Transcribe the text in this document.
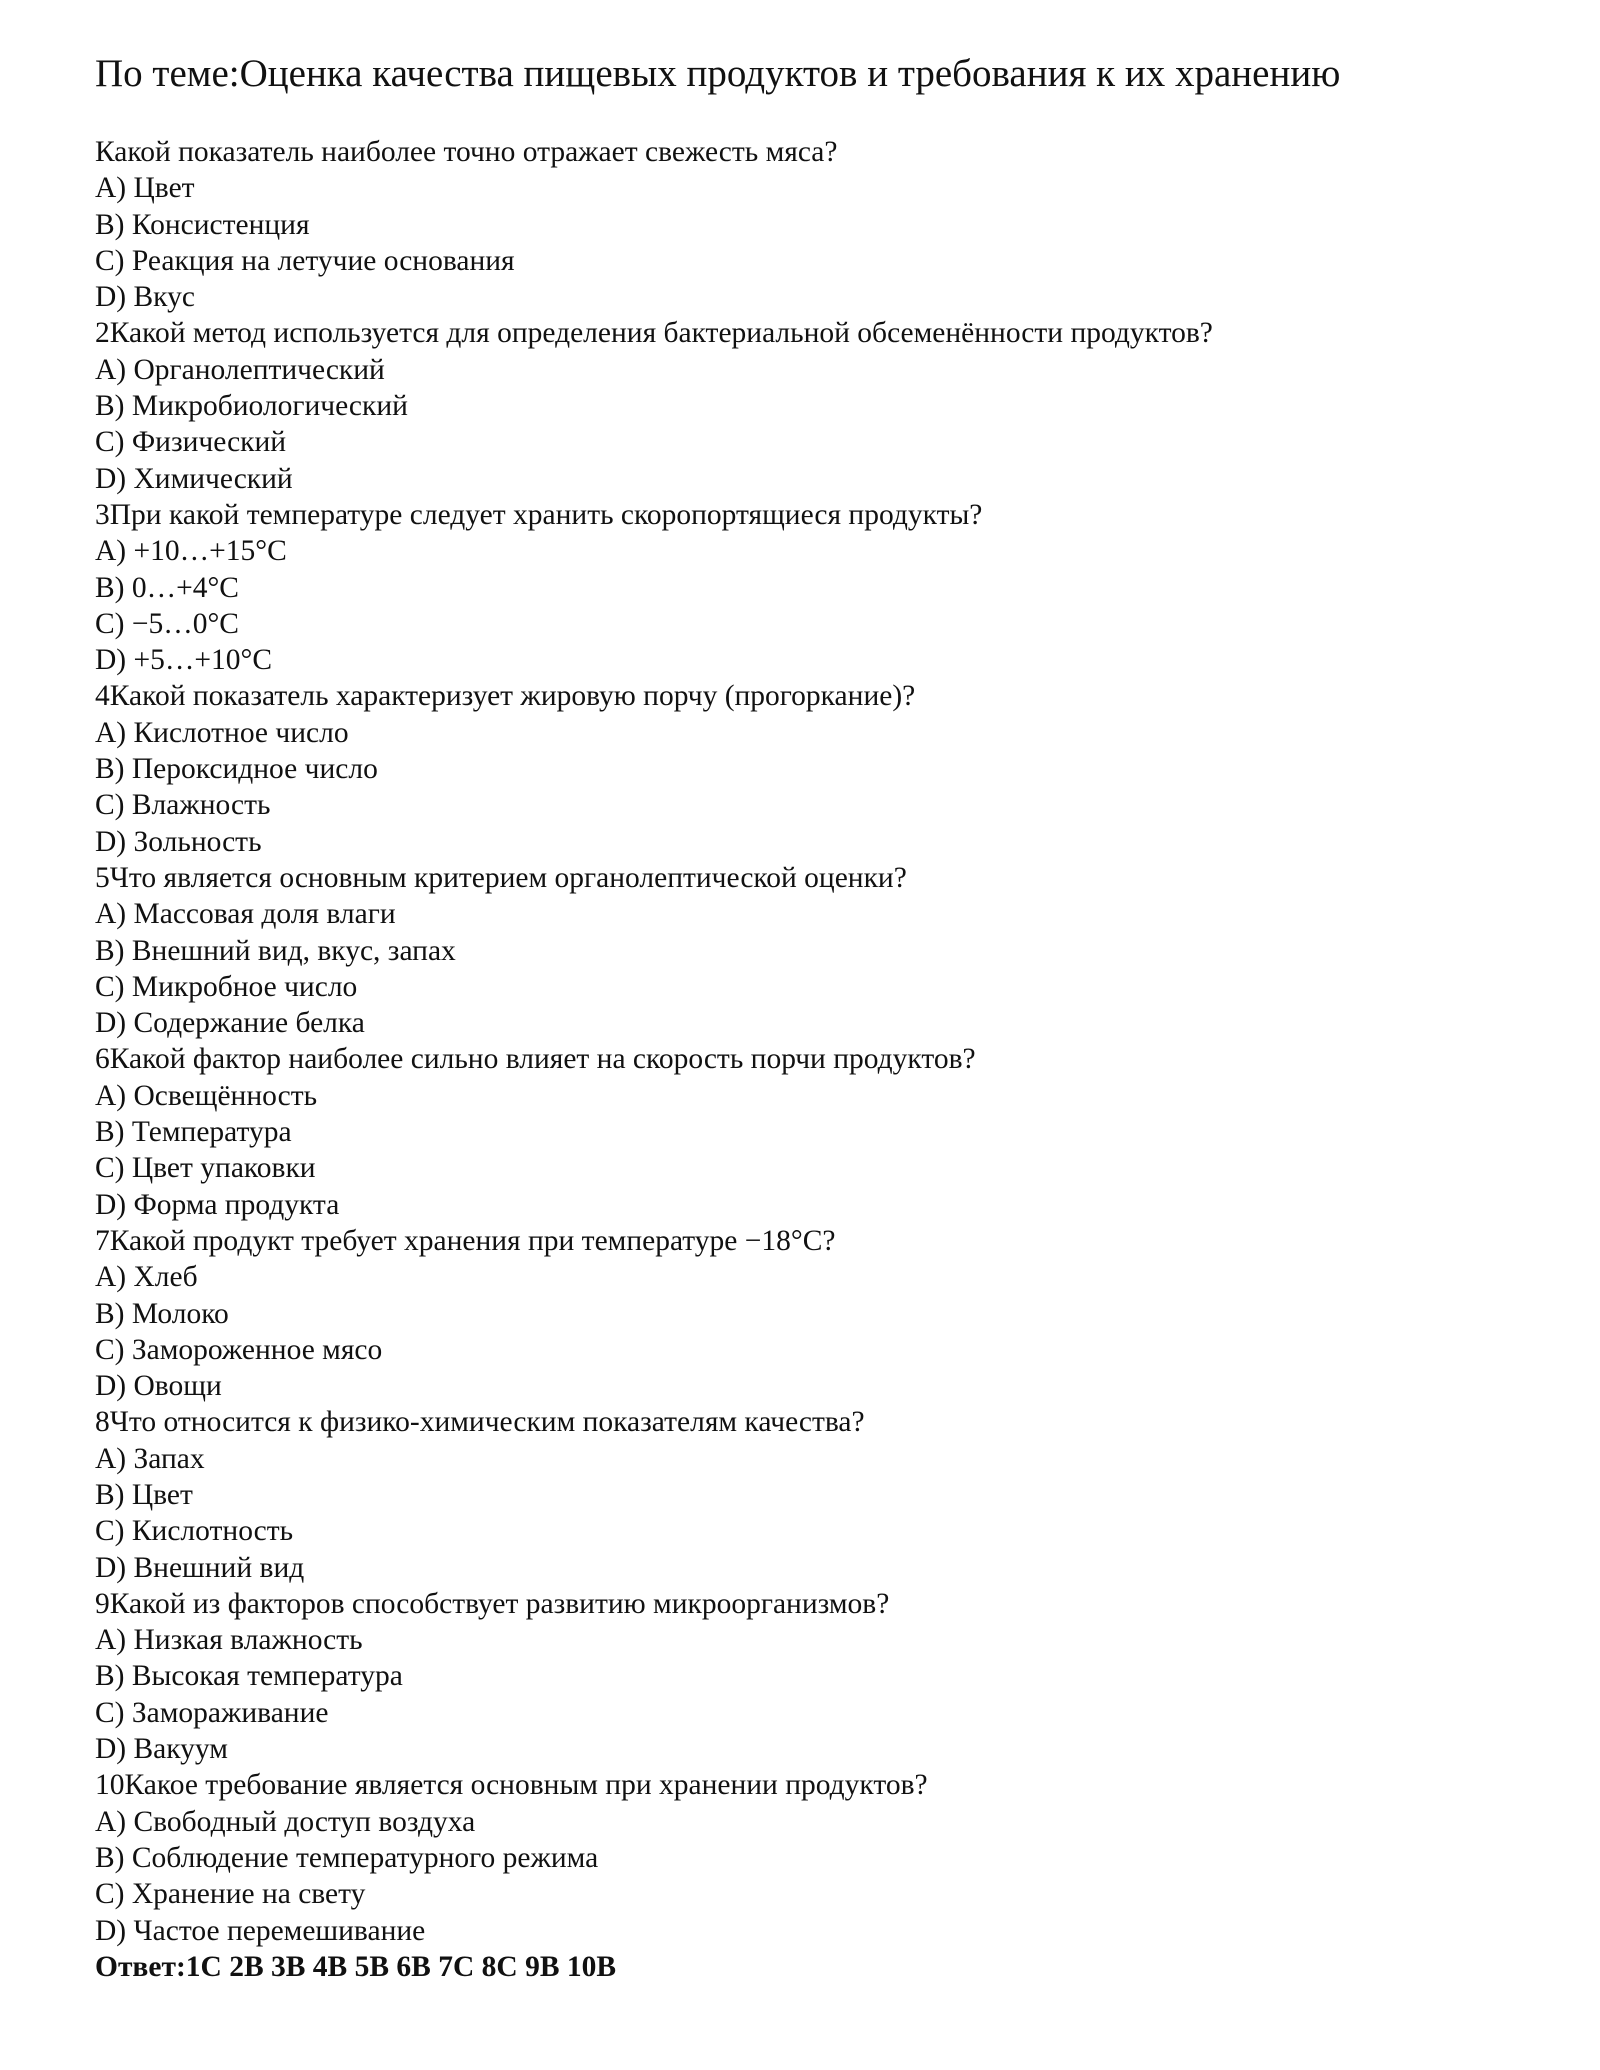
По теме:Оценка качества пищевых продуктов и требования к их хранению
Какой показатель наиболее точно отражает свежесть мяса?
A) Цвет
B) Консистенция
C) Реакция на летучие основания
D) Вкус
2Какой метод используется для определения бактериальной обсеменённости продуктов?
A) Органолептический
B) Микробиологический
C) Физический
D) Химический
3При какой температуре следует хранить скоропортящиеся продукты?
A) +10…+15°C
B) 0…+4°C
C) −5…0°C
D) +5…+10°C
4Какой показатель характеризует жировую порчу (прогоркание)?
A) Кислотное число
B) Пероксидное число
C) Влажность
D) Зольность
5Что является основным критерием органолептической оценки?
A) Массовая доля влаги
B) Внешний вид, вкус, запах
C) Микробное число
D) Содержание белка
6Какой фактор наиболее сильно влияет на скорость порчи продуктов?
A) Освещённость
B) Температура
C) Цвет упаковки
D) Форма продукта
7Какой продукт требует хранения при температуре −18°C?
A) Хлеб
B) Молоко
C) Замороженное мясо
D) Овощи
8Что относится к физико-химическим показателям качества?
A) Запах
B) Цвет
C) Кислотность
D) Внешний вид
9Какой из факторов способствует развитию микроорганизмов?
A) Низкая влажность
B) Высокая температура
C) Замораживание
D) Вакуум
10Какое требование является основным при хранении продуктов?
A) Свободный доступ воздуха
B) Соблюдение температурного режима
C) Хранение на свету
D) Частое перемешивание
Ответ:1C 2B 3B 4B 5B 6B 7C 8C 9B 10B
